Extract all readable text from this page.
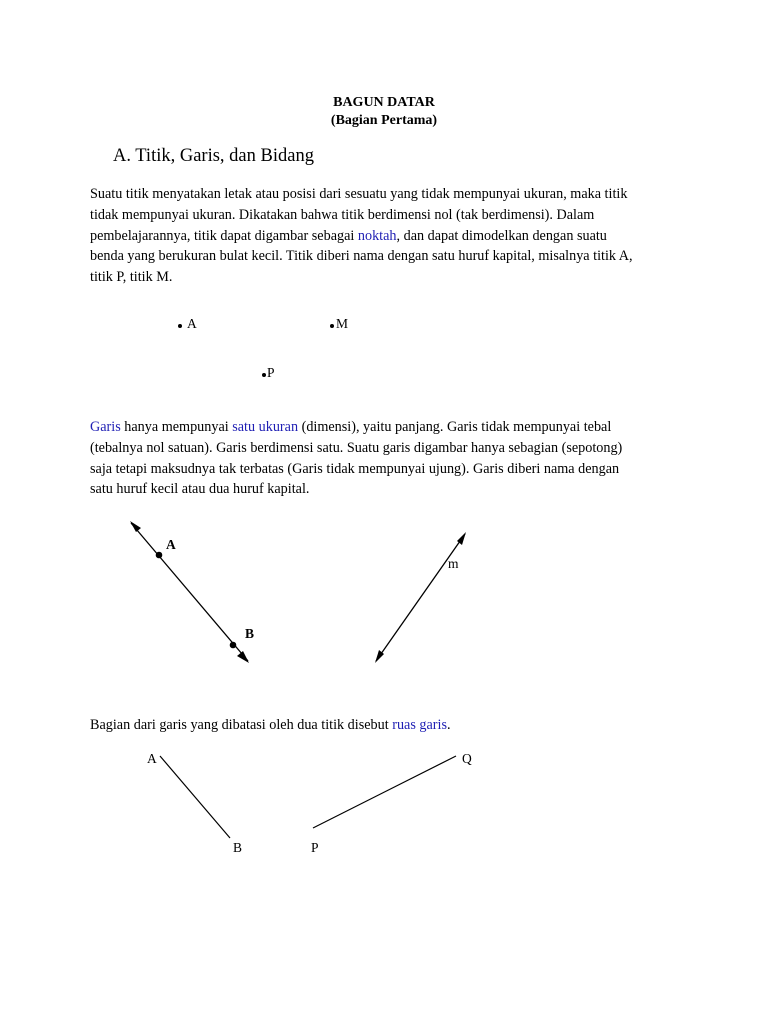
BAGUN DATAR
(Bagian Pertama)
A. Titik, Garis, dan Bidang
Suatu titik menyatakan letak atau posisi dari sesuatu yang tidak mempunyai ukuran, maka titik
tidak mempunyai ukuran. Dikatakan bahwa titik berdimensi nol (tak berdimensi). Dalam
pembelajarannya, titik dapat digambar sebagai noktah, dan dapat dimodelkan dengan suatu
benda yang berukuran bulat kecil. Titik diberi nama dengan satu huruf kapital, misalnya titik A,
titik P, titik M.
A	M
P
Garis hanya mempunyai satu ukuran (dimensi), yaitu panjang. Garis tidak mempunyai tebal
(tebalnya nol satuan). Garis berdimensi satu. Suatu garis digambar hanya sebagian (sepotong)
saja tetapi maksudnya tak terbatas (Garis tidak mempunyai ujung). Garis diberi nama dengan
satu huruf kecil atau dua huruf kapital.
A
B
m
Bagian dari garis yang dibatasi oleh dua titik disebut ruas garis.
A
B	P
Q
